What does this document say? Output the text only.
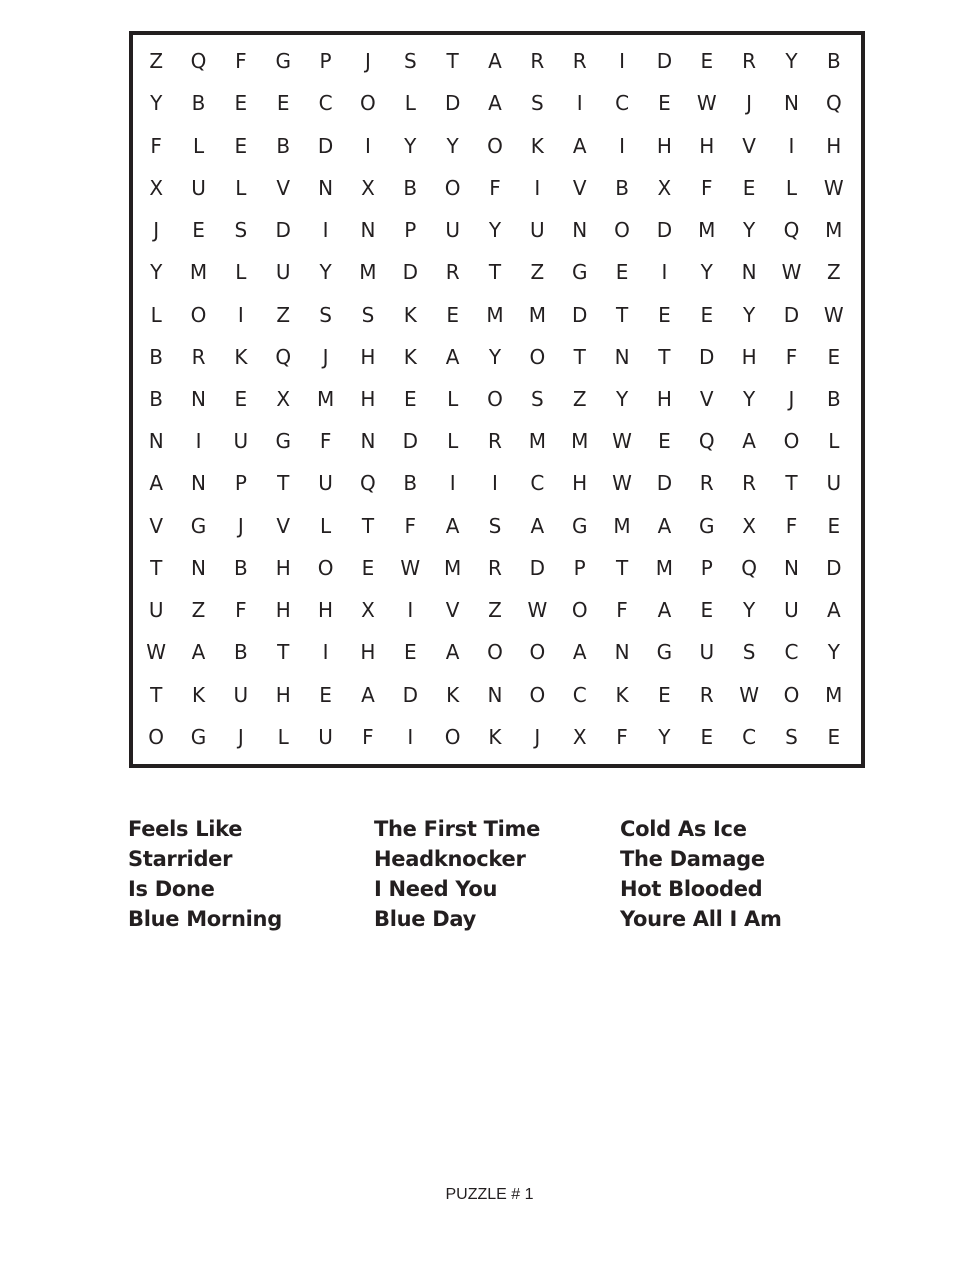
Z	Q	F	G	P	J	S	T	A	R	R	I	D	E	R	Y	B
Y	B	E	E	C	O	L	D	A	S	I	C	E	W	J	N	Q
F	L	E	B	D	I	Y	Y	O	K	A	I	H	H	V	I	H
X	U	L	V	N	X	B	O	F	I	V	B	X	F	E	L	W
J	E	S	D	I	N	P	U	Y	U	N	O	D	M	Y	Q	M
Y	M	L	U	Y	M	D	R	T	Z	G	E	I	Y	N	W	Z
L	O	I	Z	S	S	K	E	M	M	D	T	E	E	Y	D	W
B	R	K	Q	J	H	K	A	Y	O	T	N	T	D	H	F	E
B	N	E	X	M	H	E	L	O	S	Z	Y	H	V	Y	J	B
N	I	U	G	F	N	D	L	R	M	M	W	E	Q	A	O	L
A	N	P	T	U	Q	B	I	I	C	H	W	D	R	R	T	U
V	G	J	V	L	T	F	A	S	A	G	M	A	G	X	F	E
T	N	B	H	O	E	W	M	R	D	P	T	M	P	Q	N	D
U	Z	F	H	H	X	I	V	Z	W	O	F	A	E	Y	U	A
W	A	B	T	I	H	E	A	O	O	A	N	G	U	S	C	Y
T	K	U	H	E	A	D	K	N	O	C	K	E	R	W	O	M
O	G	J	L	U	F	I	O	K	J	X	F	Y	E	C	S	E
Feels Like
Starrider
Is Done
Blue Morning
The First Time
Headknocker
I Need You
Blue Day
Cold As Ice
The Damage
Hot Blooded
Youre All I Am
PUZZLE # 1
